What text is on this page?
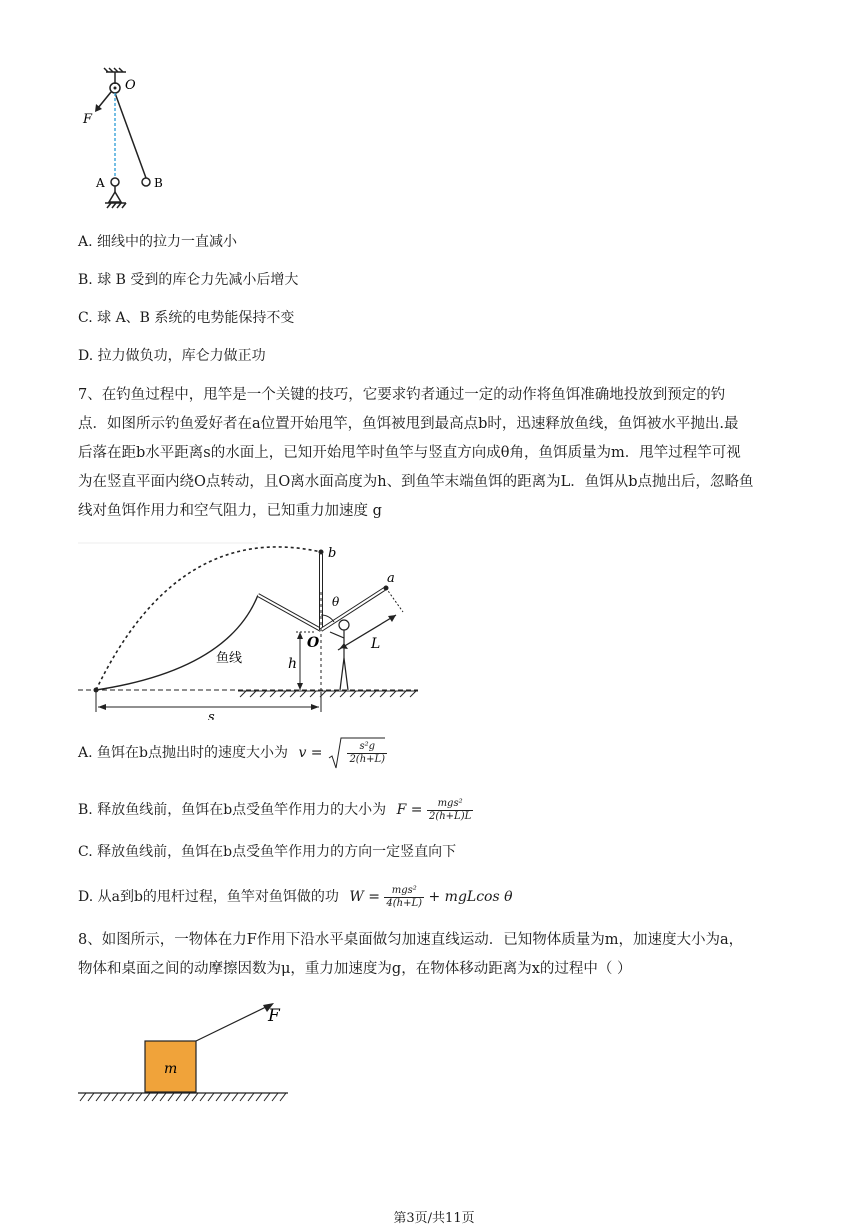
O
F
A	B
A. 细线中的拉力一直减小
B. 球 B 受到的库仑力先减小后增大
C. 球 A、B 系统的电势能保持不变
D. 拉力做负功，库仑力做正功
7、在钓鱼过程中，甩竿是一个关键的技巧，它要求钓者通过一定的动作将鱼饵准确地投放到预定的钓
点．如图所示钓鱼爱好者在a位置开始甩竿，鱼饵被甩到最高点b时，迅速释放鱼线，鱼饵被水平抛出.最
后落在距b水平距离s的水面上，已知开始甩竿时鱼竿与竖直方向成θ角，鱼饵质量为m．甩竿过程竿可视
为在竖直平面内绕O点转动，且O离水面高度为h、到鱼竿末端鱼饵的距离为L．鱼饵从b点抛出后，忽略鱼
线对鱼饵作用力和空气阻力，已知重力加速度 g
b
a
θ
O	L
h
鱼线
s
A. 鱼饵在b点抛出时的速度大小为 $v = \frac{\text{s²g}}{2(h+L)}$
B. 释放鱼线前，鱼饵在b点受鱼竿作用力的大小为 $F = \frac{\text{mgs²}}{2(h+L)L}$
C. 释放鱼线前，鱼饵在b点受鱼竿作用力的方向一定竖直向下
D. 从a到b的甩杆过程，鱼竿对鱼饵做的功 $W = \frac{\text{mgs²}}{4(h+L)} + mgLcos$ θ
8、如图所示，一物体在力F作用下沿水平桌面做匀加速直线运动．已知物体质量为m，加速度大小为a，
物体和桌面之间的动摩擦因数为μ，重力加速度为g，在物体移动距离为x的过程中（ ）
F
m
第3页/共11页
